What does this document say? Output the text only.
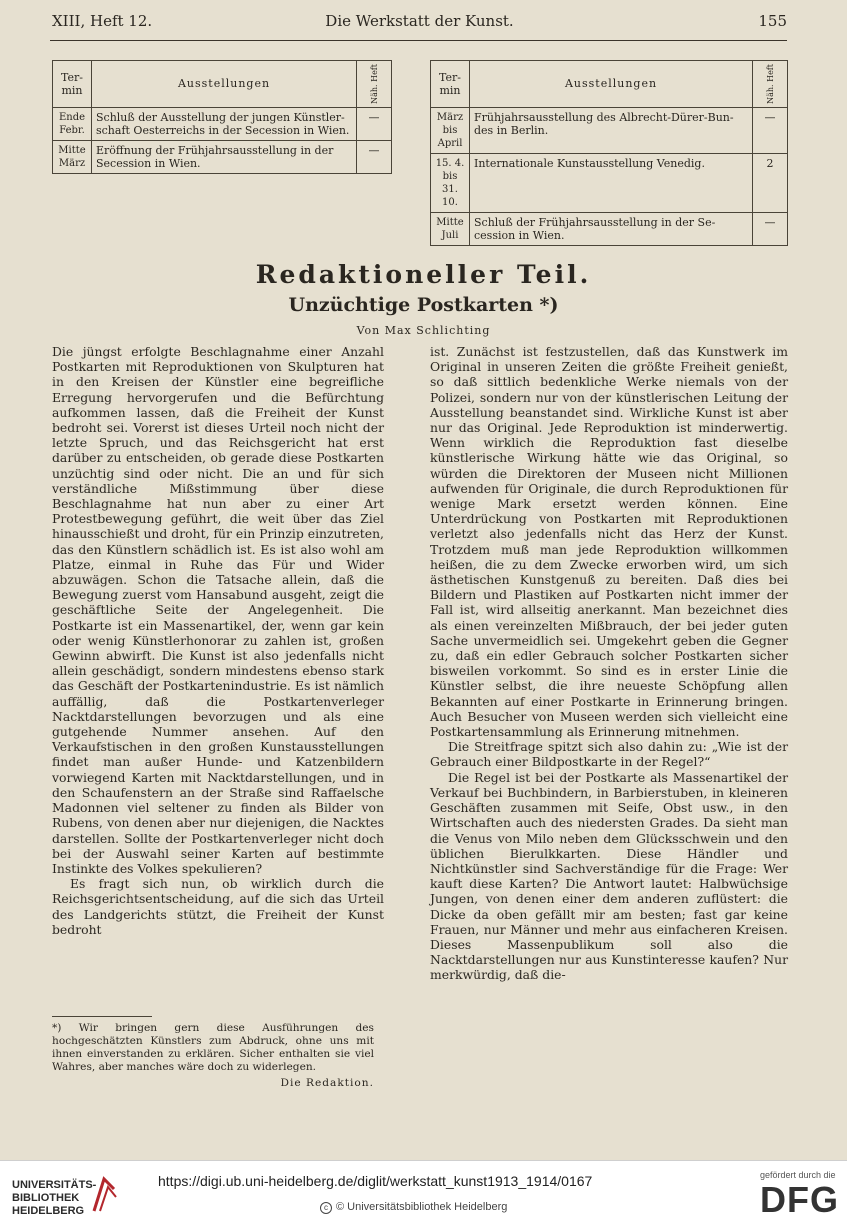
XIII, Heft 12.	Die Werkstatt der Kunst.	155
Ter- min	Ausstellungen	Näh. Heft
Ende Febr.	Schluß der Ausstellung der jungen Künstler-schaft Oesterreichs in der Secession in Wien.	—
Mitte März	Eröffnung der Frühjahrsausstellung in der Secession in Wien.	—
Ter- min	Ausstellungen	Näh. Heft
März bis April	Frühjahrsausstellung des Albrecht-Dürer-Bun-des in Berlin.	—
15. 4. bis 31. 10.	Internationale Kunstausstellung Venedig.	2
Mitte Juli	Schluß der Frühjahrsausstellung in der Se-cession in Wien.	—
Redaktioneller Teil.
Unzüchtige Postkarten *)
Von Max Schlichting

Die jüngst erfolgte Beschlagnahme einer Anzahl Postkarten mit Reproduktionen von Skulpturen hat in den Kreisen der Künstler eine begreifliche Erregung hervorgerufen und die Befürchtung aufkommen lassen, daß die Freiheit der Kunst bedroht sei. Vorerst ist dieses Urteil noch nicht der letzte Spruch, und das Reichsgericht hat erst darüber zu entscheiden, ob gerade diese Postkarten unzüchtig sind oder nicht. Die an und für sich verständliche Mißstimmung über diese Beschlagnahme hat nun aber zu einer Art Protestbewegung geführt, die weit über das Ziel hinausschießt und droht, für ein Prinzip einzutreten, das den Künstlern schädlich ist. Es ist also wohl am Platze, einmal in Ruhe das Für und Wider abzuwägen. Schon die Tatsache allein, daß die Bewegung zuerst vom Hansabund ausgeht, zeigt die geschäftliche Seite der Angelegenheit. Die Postkarte ist ein Massenartikel, der, wenn gar kein oder wenig Künstlerhonorar zu zahlen ist, großen Gewinn abwirft. Die Kunst ist also jedenfalls nicht allein geschädigt, sondern mindestens ebenso stark das Geschäft der Postkartenindustrie. Es ist nämlich auffällig, daß die Postkartenverleger Nacktdarstellungen bevorzugen und als eine gutgehende Nummer ansehen. Auf den Verkaufstischen in den großen Kunstausstellungen findet man außer Hunde- und Katzenbildern vorwiegend Karten mit Nacktdarstellungen, und in den Schaufenstern an der Straße sind Raffaelsche Madonnen viel seltener zu finden als Bilder von Rubens, von denen aber nur diejenigen, die Nacktes darstellen. Sollte der Postkartenverleger nicht doch bei der Auswahl seiner Karten auf bestimmte Instinkte des Volkes spekulieren?

Es fragt sich nun, ob wirklich durch die Reichsgerichtsentscheidung, auf die sich das Urteil des Landgerichts stützt, die Freiheit der Kunst bedroht

*) Wir bringen gern diese Ausführungen des hochgeschätzten Künstlers zum Abdruck, ohne uns mit ihnen einverstanden zu erklären. Sicher enthalten sie viel Wahres, aber manches wäre doch zu widerlegen.
Die Redaktion.

ist. Zunächst ist festzustellen, daß das Kunstwerk im Original in unseren Zeiten die größte Freiheit genießt, so daß sittlich bedenkliche Werke niemals von der Polizei, sondern nur von der künstlerischen Leitung der Ausstellung beanstandet sind. Wirkliche Kunst ist aber nur das Original. Jede Reproduktion ist minderwertig. Wenn wirklich die Reproduktion fast dieselbe künstlerische Wirkung hätte wie das Original, so würden die Direktoren der Museen nicht Millionen aufwenden für Originale, die durch Reproduktionen für wenige Mark ersetzt werden können. Eine Unterdrückung von Postkarten mit Reproduktionen verletzt also jedenfalls nicht das Herz der Kunst. Trotzdem muß man jede Reproduktion willkommen heißen, die zu dem Zwecke erworben wird, um sich ästhetischen Kunstgenuß zu bereiten. Daß dies bei Bildern und Plastiken auf Postkarten nicht immer der Fall ist, wird allseitig anerkannt. Man bezeichnet dies als einen vereinzelten Mißbrauch, der bei jeder guten Sache unvermeidlich sei. Umgekehrt geben die Gegner zu, daß ein edler Gebrauch solcher Postkarten sicher bisweilen vorkommt. So sind es in erster Linie die Künstler selbst, die ihre neueste Schöpfung allen Bekannten auf einer Postkarte in Erinnerung bringen. Auch Besucher von Museen werden sich vielleicht eine Postkartensammlung als Erinnerung mitnehmen.

Die Streitfrage spitzt sich also dahin zu: „Wie ist der Gebrauch einer Bildpostkarte in der Regel?“

Die Regel ist bei der Postkarte als Massenartikel der Verkauf bei Buchbindern, in Barbierstuben, in kleineren Geschäften zusammen mit Seife, Obst usw., in den Wirtschaften auch des niedersten Grades. Da sieht man die Venus von Milo neben dem Glücksschwein und den üblichen Bierulkkarten. Diese Händler und Nichtkünstler sind Sachverständige für die Frage: Wer kauft diese Karten? Die Antwort lautet: Halbwüchsige Jungen, von denen einer dem anderen zuflüstert: die Dicke da oben gefällt mir am besten; fast gar keine Frauen, nur Männer und mehr aus einfacheren Kreisen. Dieses Massenpublikum soll also die Nacktdarstellungen nur aus Kunstinteresse kaufen? Nur merkwürdig, daß die-

UNIVERSITÄTS-
BIBLIOTHEK
HEIDELBERG
https://digi.ub.uni-heidelberg.de/diglit/werkstatt_kunst1913_1914/0167
c © Universitätsbibliothek Heidelberg
gefördert durch die
DFG
